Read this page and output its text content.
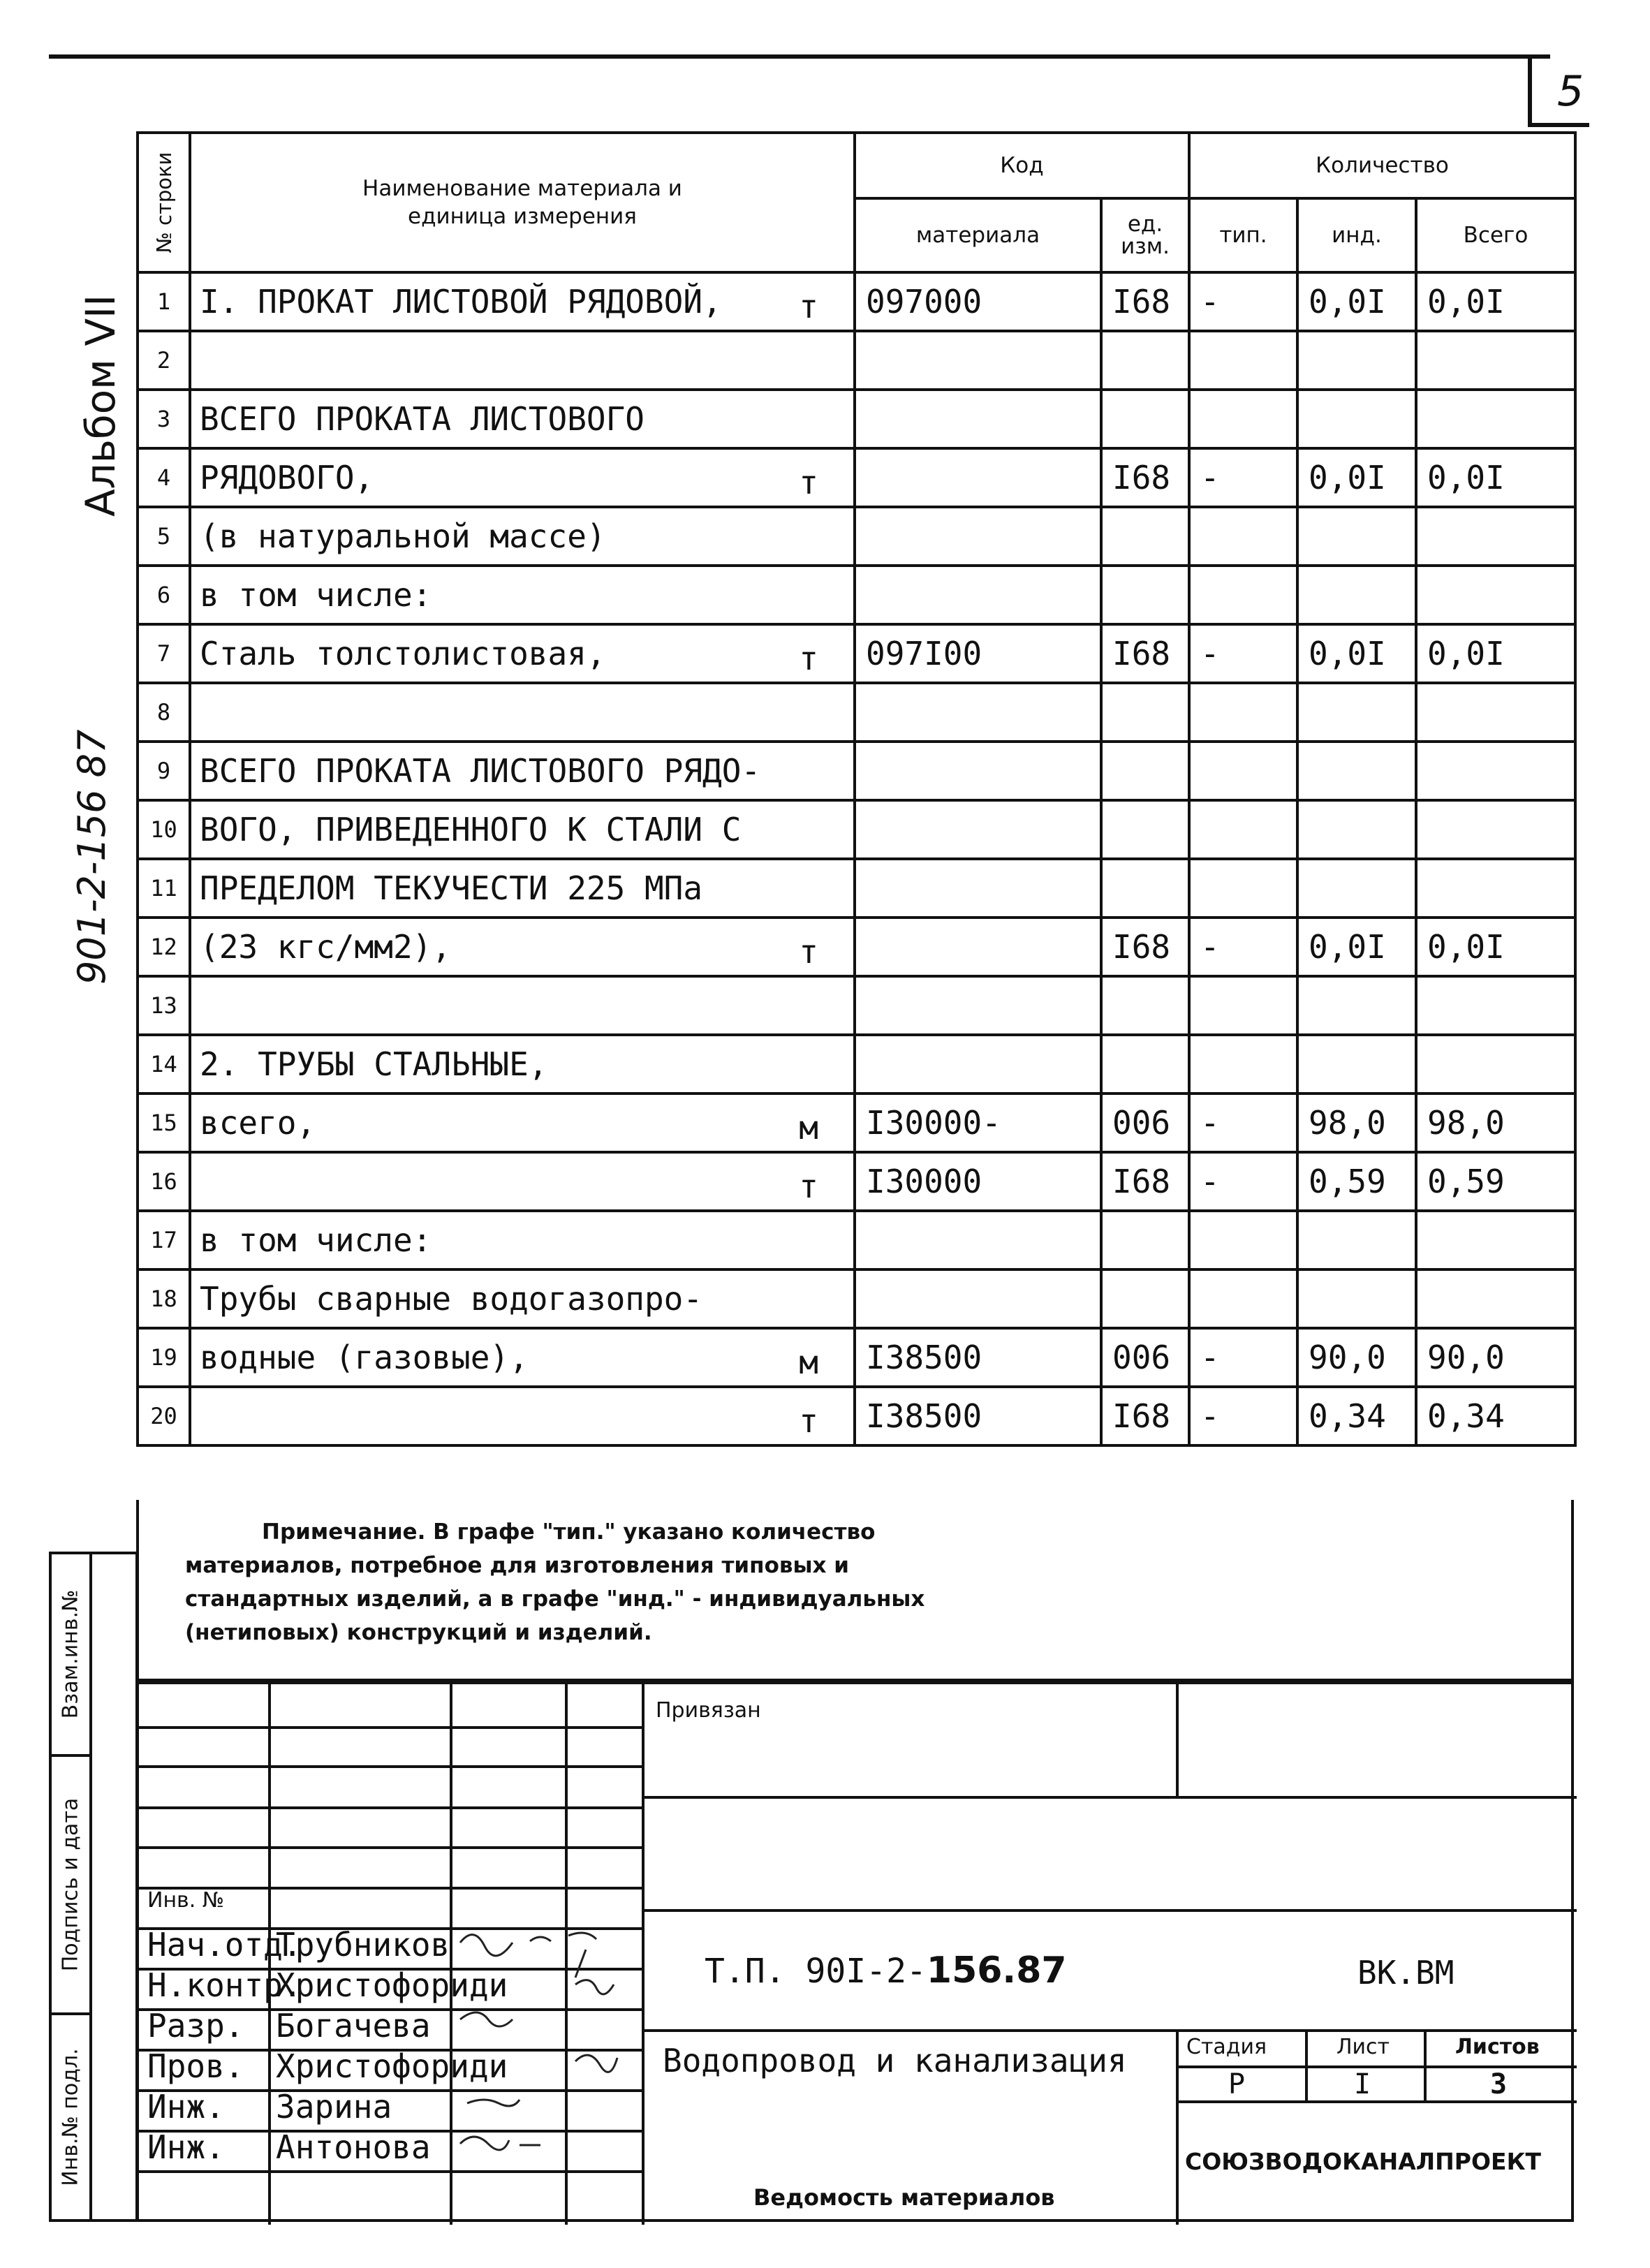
5
Альбом VII
901-2-156 87
№ строки	Наименование материала и единица измерения	Код		Количество		
		материала	ед. изм.	тип.	инд.	Всего
1	I. ПРОКАТ ЛИСТОВОЙ РЯДОВОЙ, т	097000	I68	-	0,0I	0,0I
2	

3	ВСЕГО ПРОКАТА ЛИСТОВОГО

4	РЯДОВОГО, т		I68	-	0,0I	0,0I
5	(в натуральной массе)

6	в том числе:

7	Сталь толстолистовая, т	097I00	I68	-	0,0I	0,0I
8	

9	ВСЕГО ПРОКАТА ЛИСТОВОГО РЯДО-

10	ВОГО, ПРИВЕДЕННОГО К СТАЛИ С

11	ПРЕДЕЛОМ ТЕКУЧЕСТИ 225 МПа

12	(23 кгс/мм2), т		I68	-	0,0I	0,0I
13	

14	2. ТРУБЫ СТАЛЬНЫЕ,

15	всего, м	I30000-	006	-	98,0	98,0
16	т	I30000	I68	-	0,59	0,59
17	в том числе:

18	Трубы сварные водогазопро-

19	водные (газовые), м	I38500	006	-	90,0	90,0
20	т	I38500	I68	-	0,34	0,34

Примечание. В графе "тип." указано количество

материалов, потребное для изготовления типовых и

стандартных изделий, а в графе "инд." - индивидуальных

(нетиповых) конструкций и изделий.

Взам.инв.№
Подпись и дата
Инв.№ подл.
Привязан
Инв. №
Нач.отд.
Трубников
Н.контр.
Христофориди
Разр. Богачева
Пров. Христофориди
Инж. Зарина
Инж. Антонова
Т.П. 90I-2-156.87	ВК.ВМ
Водопровод и канализация
Ведомость материалов
Стадия	Лист	Листов
Р	I	3
СОЮЗВОДОКАНАЛПРОЕКТ
